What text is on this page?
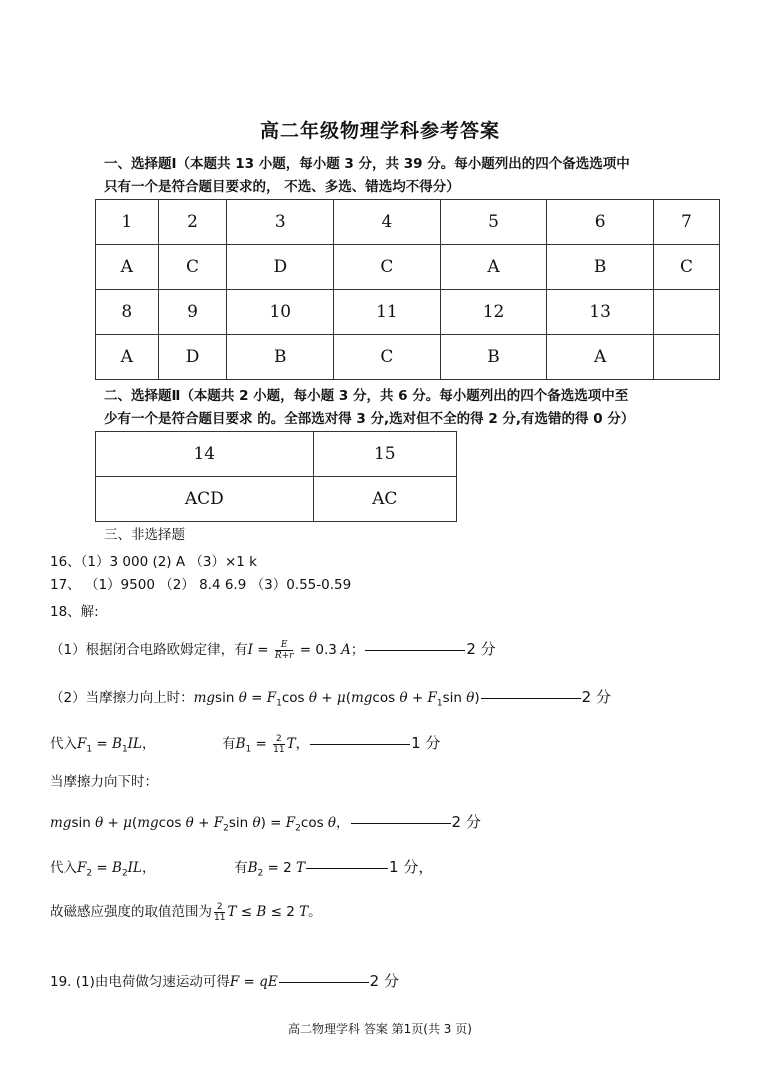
高二年级物理学科参考答案
一、选择题Ⅰ（本题共 13 小题，每小题 3 分，共 39 分。每小题列出的四个备选选项中
只有一个是符合题目要求的， 不选、多选、错选均不得分）
1	2	3	4	5	6	7
A	C	D	C	A	B	C
8	9	10	11	12	13	
A	D	B	C	B	A	
二、选择题Ⅱ（本题共 2 小题，每小题 3 分，共 6 分。每小题列出的四个备选选项中至
少有一个是符合题目要求 的。全部选对得 3 分,选对但不全的得 2 分,有选错的得 0 分）
14	15
ACD	AC
三、非选择题
16、（1）3 000 (2) A （3）×1 k
17、 （1）9500 （2） 8.4 6.9 （3）0.55-0.59
18、解:
（1）根据闭合电路欧姆定律，有$I = \frac{E}{R+r} = 0.3$ A；	2 分
（2）当摩擦力向上时：mgsin $\theta = F_1\cos$ θ + μ(mgcos $\theta + F_1\sin$ θ)	2 分
代入$F_1 = B_1IL$，	有$B_1 = \frac{2}{11}$ T，	1 分
当摩擦力向下时：
mgsin θ + μ(mgcos $\theta + F_2\sin$ $\theta) = F_2\cos$ θ，	2 分
代入$F_2 = B_2IL$，	有$B_2 = 2$ T	1 分，
故磁感应强度的取值范围为 $\frac{2}{11}$ T ≤ B ≤ 2 T。
19. (1)由电荷做匀速运动可得F = qE	2 分
高二物理学科 答案 第1页(共 3 页)
